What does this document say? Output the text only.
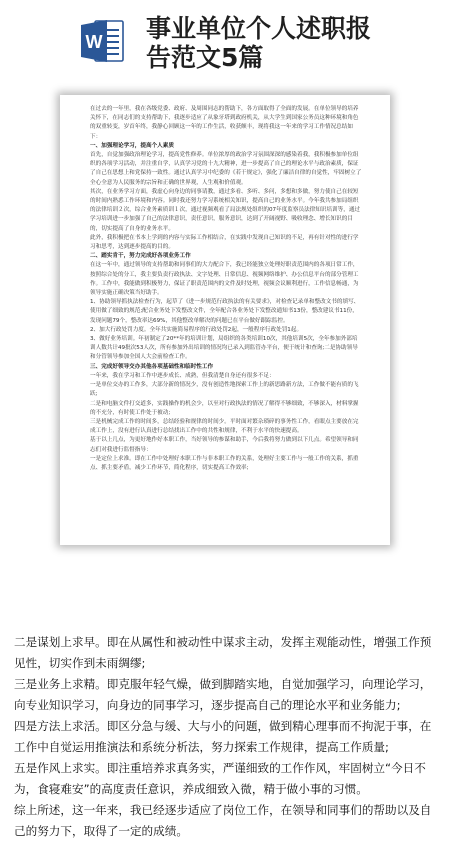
W 事业单位个人述职报
告范文5篇

在过去的一年里，我在各级党委、政府、及周围同志的帮助下，各方面取得了全面的发展。在单位领导的培养关怀下，在同志们的支持帮助下，我逐步适应了从象牙塔到政府机关，从大学生到国家公务员这种环境和角色的双重转变，岁首年终，我静心回顾这一年的工作生活，收获颇丰，现将我这一年来的学习工作情况总结如下：

一、加强理论学习，提高个人素质

首先，自觉加强政治理论学习，提高党性修养。单位浓厚的政治学习氛围深深的感染着我，我积极参加单位组织的各项学习活动，并注重自学，认真学习党的十九大精神，进一步提高了自己的理论水平与政治素质，保证了自己在思想上和党保持一致性。通过认真学习中纪委的《若干规定》，强化了廉洁自律的自觉性，牢固树立了全心全意为人民服务的宗旨和正确的世界观，人生观和价值观。

其次，在业务学习方面，我虚心向身边的同事请教，通过多看、多听、多问，多想和多做，努力使自己在较短的时间内熟悉工作环境和内容。同时我还努力学习系统相关知识，提高自己的业务水平。今年我共参加局组织的法律培训２次，综合业务素质训１次，通过视频观看了局法规处组织的07年度监察员法律知识培训等，通过学习培训进一步加强了自己的法律意识，责任意识，服务意识，达到了开阔视野、吸收理念、增长知识的目的，切实提高了自身的业务水平。

此外，我积极把在书本上学到的内容与实际工作相结合，在实践中发现自己知识的不足，再有针对性的进行学习和思考，达到逐步提高的目的。

二、踏实肯干，努力完成好各项业务工作

在这一年中，通过领导的支持帮助和同事们的大力配合下，我已经能独立处理好职责范围内的各项日常工作，按照综合处的分工，我主要负责行政执法、文字处理、日常信息、视频网络维护、办公信息平台的部分管理工作。工作中，我能做到积极努力，保证了职责范围内的文件及时处理，视频会议顺利进行，工作信息畅通，为领导实施正确决策当好助手。

1、协助领导抓执法检查行为，起草了《进一步规范行政执法的有关要求》，对检查记录单和整改文书的填写、使用做了细致的规范;配合业务处下发整改文件，全年配合各业务处下发整改通知书13份，整改建议书11份，发现问题79个，整改率达69%，其他整改单解决的问题已在平台做好跟踪监控。

2、加大行政处罚力度。全年共实施简易程序的行政处罚2起，一般程序行政处罚1起。

3、做好业务培训。年初制定了20**年的培训计划，局组织的各类培训10次，其他培训5次，全年参加外部培训人数共计49批次53人次，所有参加外出培训的情况均已录入到监管办平台，便于统计和查询;二是协助领导和分管领导参加全国人大会前检查工作。

三、完成好领导交办其他各项基础性和临时性工作

一年来，我在学习和工作中逐步成长、成熟，但我清楚自身还有很多不足：

一是单位交办的工作多，大部分新的情况少，没有创造性地探索工作上的新思路新方法，工作做不能有质的飞跃;

二是和电脑文件打交道多，实践操作的机会少，以至对行政执法的情况了解得不够细致，不够深入，材料掌握的不充分，有时使工作处于被动;

三是机械完成工作的时间多，总结经验和规律的时间少。平时面对繁杂琐碎的事务性工作，看眼点主要放在完成工作上，没有进行认真进行总结找出工作中的共性和规律，不利于水平的快速提高。

基于以上几点，为更好地作好本职工作，当好领导的参谋和助手，今后我将努力做到以下几点。希望领导和同志们对我进行监督指导：

一是定位上求准。即在工作中处理好本职工作与非本职工作的关系，处理好主要工作与一般工作的关系，抓重点、抓主要矛盾，减少工作环节，简化程序，切实提高工作效率;

二是谋划上求早。即在从属性和被动性中谋求主动，发挥主观能动性，增强工作预见性，切实作到未雨绸缪;

三是业务上求精。即克服年轻气燥，做到脚踏实地，自觉加强学习，向理论学习，向专业知识学习，向身边的同事学习，逐步提高自己的理论水平和业务能力;

四是方法上求活。即区分急与缓、大与小的问题，做到精心理事而不拘泥于事，在工作中自觉运用推演法和系统分析法，努力探索工作规律，提高工作质量;

五是作风上求实。即注重培养求真务实，严谨细致的工作作风，牢固树立“今日不为，食寝难安”的高度责任意识，养成细致入微，精于做小事的习惯。

综上所述，这一年来，我已经逐步适应了岗位工作，在领导和同事们的帮助以及自己的努力下，取得了一定的成绩。
